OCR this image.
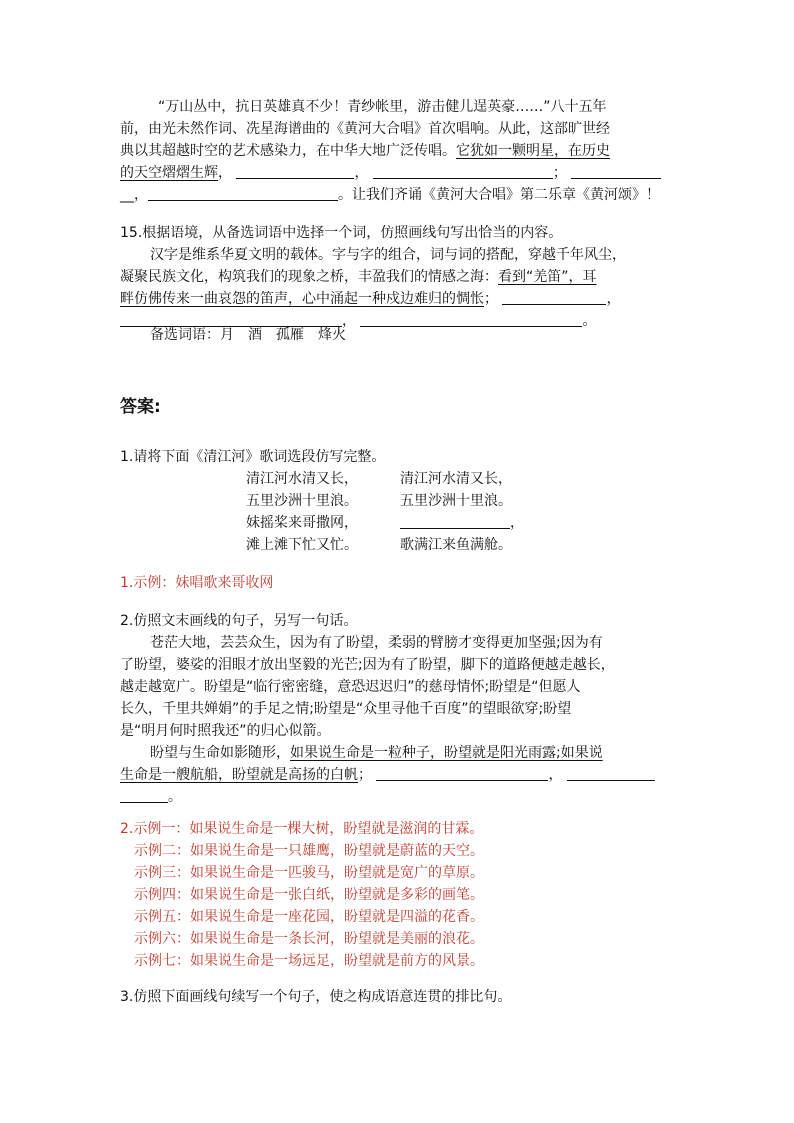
“万山丛中，抗日英雄真不少！青纱帐里，游击健儿逞英豪……”八十五年
前，由光未然作词、冼星海谱曲的《黄河大合唱》首次唱响。从此，这部旷世经
典以其超越时空的艺术感染力，在中华大地广泛传唱。它犹如一颗明星，在历史
的天空熠熠生辉，	，	；
__，	。让我们齐诵《黄河大合唱》第二乐章《黄河颂》！
15.根据语境，从备选词语中选择一个词，仿照画线句写出恰当的内容。
汉字是维系华夏文明的载体。字与字的组合，词与词的搭配，穿越千年风尘，
凝聚民族文化，构筑我们的现象之桥，丰盈我们的情感之海：看到“羌笛”，耳
畔仿佛传来一曲哀怨的笛声，心中涌起一种戍边难归的惆怅；	，
，	。
备选词语：月　酒　孤雁　烽火
答案:
1.请将下面《清江河》歌词选段仿写完整。
清江河水清又长，	清江河水清又长，
五里沙洲十里浪。	五里沙洲十里浪。
妹摇桨来哥撒网，	，
滩上滩下忙又忙。	歌满江来鱼满舱。
1.示例：妹唱歌来哥收网
2.仿照文末画线的句子，另写一句话。
苍茫大地，芸芸众生，因为有了盼望，柔弱的臂膀才变得更加坚强;因为有
了盼望，婆娑的泪眼才放出坚毅的光芒;因为有了盼望，脚下的道路便越走越长，
越走越宽广。盼望是“临行密密缝，意恐迟迟归”的慈母情怀;盼望是“但愿人
长久，千里共婵娟”的手足之情;盼望是“众里寻他千百度”的望眼欲穿;盼望
是“明月何时照我还”的归心似箭。
盼望与生命如影随形，如果说生命是一粒种子，盼望就是阳光雨露;如果说
生命是一艘航船，盼望就是高扬的白帆；	，
。
2.示例一：如果说生命是一棵大树，盼望就是滋润的甘霖。
示例二：如果说生命是一只雄鹰，盼望就是蔚蓝的天空。
示例三：如果说生命是一匹骏马，盼望就是宽广的草原。
示例四：如果说生命是一张白纸，盼望就是多彩的画笔。
示例五：如果说生命是一座花园，盼望就是四溢的花香。
示例六：如果说生命是一条长河，盼望就是美丽的浪花。
示例七：如果说生命是一场远足，盼望就是前方的风景。
3.仿照下面画线句续写一个句子，使之构成语意连贯的排比句。
